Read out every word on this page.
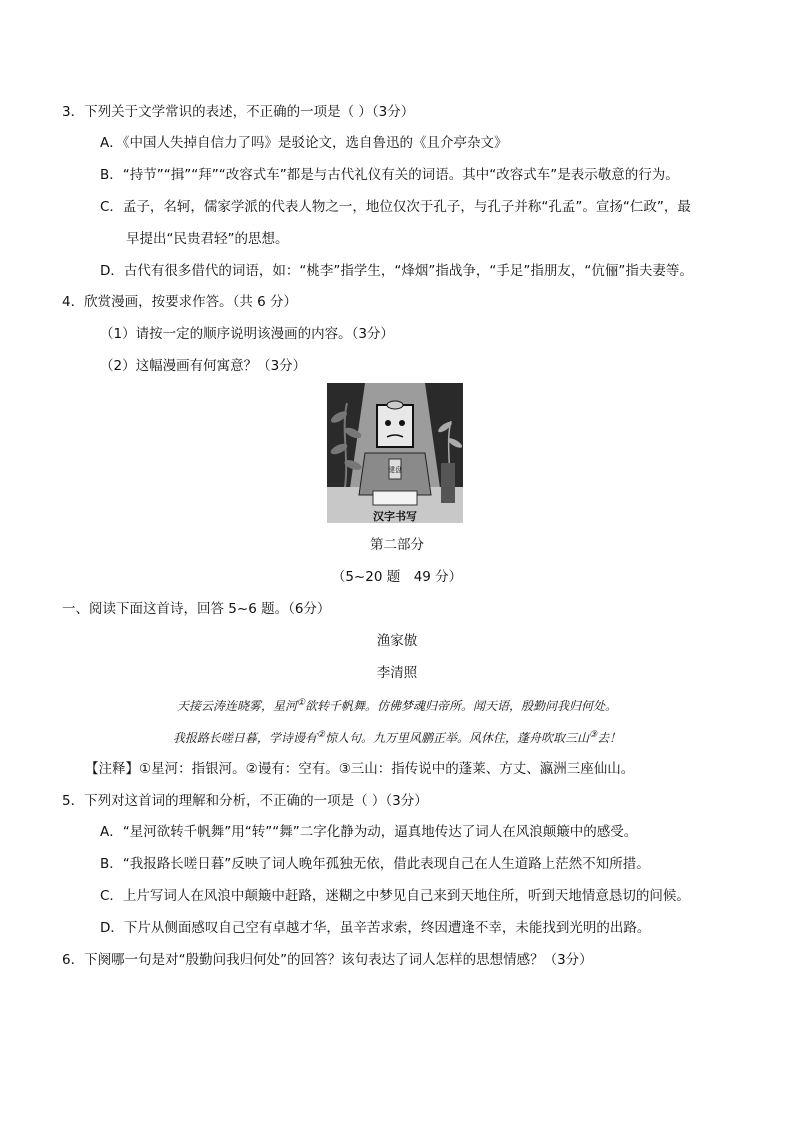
3．下列关于文学常识的表述，不正确的一项是（ ）（3分）
A．《中国人失掉自信力了吗》是驳论文，选自鲁迅的《且介亭杂文》
B．“持节”“揖”“拜”“改容式车”都是与古代礼仪有关的词语。其中“改容式车”是表示敬意的行为。
C．孟子，名轲，儒家学派的代表人物之一，地位仅次于孔子，与孔子并称“孔孟”。宣扬“仁政”，最
早提出“民贵君轻”的思想。
D．古代有很多借代的词语，如：“桃李”指学生，“烽烟”指战争，“手足”指朋友，“伉俪”指夫妻等。
4．欣赏漫画，按要求作答。（共 6 分）
（1）请按一定的顺序说明该漫画的内容。（3分）
（2）这幅漫画有何寓意？（3分）
键盘
汉字书写
第二部分
（5~20 题　49 分）
一、阅读下面这首诗，回答 5~6 题。（6分）
渔家傲
李清照
天接云涛连晓雾，星河①欲转千帆舞。仿佛梦魂归帝所。闻天语，殷勤问我归何处。
我报路长嗟日暮，学诗谩有②惊人句。九万里风鹏正举。风休住，蓬舟吹取三山③去！
【注释】①星河：指银河。②谩有：空有。③三山：指传说中的蓬莱、方丈、瀛洲三座仙山。
5．下列对这首词的理解和分析，不正确的一项是（ ）（3分）
A．“星河欲转千帆舞”用“转”“舞”二字化静为动，逼真地传达了词人在风浪颠簸中的感受。
B．“我报路长嗟日暮”反映了词人晚年孤独无依，借此表现自己在人生道路上茫然不知所措。
C．上片写词人在风浪中颠簸中赶路，迷糊之中梦见自己来到天地住所，听到天地情意恳切的问候。
D．下片从侧面感叹自己空有卓越才华，虽辛苦求索，终因遭逢不幸，未能找到光明的出路。
6．下阕哪一句是对“殷勤问我归何处”的回答？该句表达了词人怎样的思想情感？（3分）
